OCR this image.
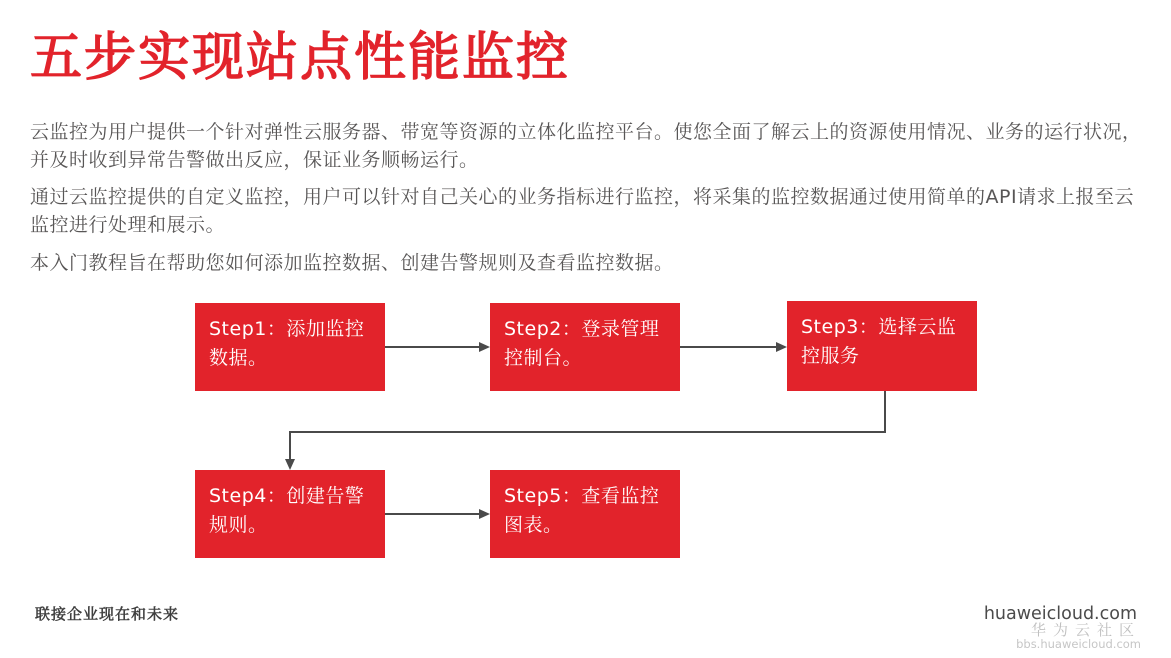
五步实现站点性能监控

云监控为用户提供一个针对弹性云服务器、带宽等资源的立体化监控平台。使您全面了解云上的资源使用情况、业务的运行状况，并及时收到异常告警做出反应，保证业务顺畅运行。

通过云监控提供的自定义监控，用户可以针对自己关心的业务指标进行监控，将采集的监控数据通过使用简单的API请求上报至云监控进行处理和展示。

本入门教程旨在帮助您如何添加监控数据、创建告警规则及查看监控数据。

Step1：添加监控
数据。
Step2：登录管理
控制台。
Step3：选择云监
控服务
Step4：创建告警
规则。
Step5：查看监控
图表。
联接企业现在和未来	huaweicloud.com
华为云社区
bbs.huaweicloud.com
